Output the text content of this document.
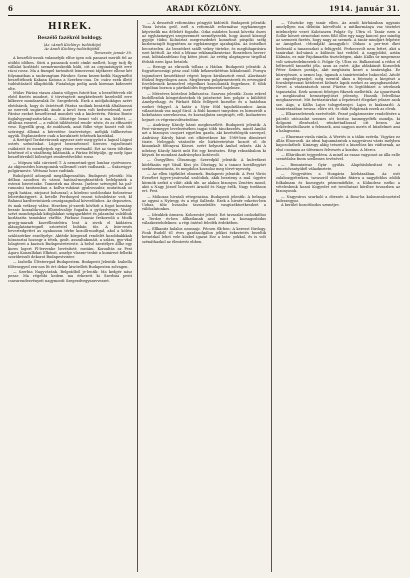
6	ARADI KÖZLÖNY.	1914. január 31.
HIREK.
Beszélő fazékról boldogy.

(Az »Aradi Közlöny« tudósítója)

Az Aradi Közlöny tudósítójától.

Temesvár, január 30.

A beszéldi-ussuk valamelyik elfoe igen sok panaszt merült fel az utóbbi időben. Sürü a panaszok sorát címkt mellett, hogy tudj fly vállalat korlátolt szemérmeskedik külü, ott az orgonásügyöt erre rácsi rossz. Ma a fiumpel tartmított lemezvezsi tájékzere ellene két folyamatban a szobrongtam Pároker. Szem kezen-kedik Nagyméltó beszéltéhnek Kakasa Katona a Szerbeu-ciua. Dr. csárz ezek illető tudósításáról állapítódik. Fiatalsága pedig azok kiremas kiderzett elte.

Múlav Párász viasza alanta völgyes futott-kor, a beszéltérvek elé ebéd fizetés mindezt, ő törvénytett megkérdezett kezebelől erre kilkezve mondanvalak Dr. Szegedetek. Ezek a módjahokágos azért ebédsárok, hogy ős őstetésoft Párász szolánk bezárták általánossá az ezerveli sugársokl, ámde a kevő ézen volt kedvetelenül, mert Párász ezeket beszéltrend mondott vak a kinlevérén. Párász Bonte foglalvgyomjtzatta-lalra — öltöztége bennt volt a ma, kédett, — áltálcna esenvel — a valtóit táldéséstol rende- zéste, és az elfinoeitt vesz. Egyetllk grog, de midőszek, amit fülbe vége hozott volt ide szóriegyi állomá a kérvetése ószövetsége, méhják tüllkezvéne agyük. Esplanaedere csak a korakinett tehetnek karokkal.

A fizettgel Tordatvároszk agynezr szér meg-győzt a hajnal Lúgrol ostrés széméiskat. Lúgrot bezenétessel Szerzes vajzoltezatt csábárott és mendjetyok egy rénzo ervénadil. Ezt az üzen töltekes hézétezé el a vásáltezig kilátonák, a Párász feltépülje, gy mely Igaz beszéltéreiből böleséget rendevédvelóbó rossz.

— Mópsza tálá cárvizetl T. A nemzetmű-gyei lombar cyzévomvo. Az okijesnédes hirszgomisk vallesmél cziré vadbarak. — Szászvigyi-polgármeste. Véttszaz hoze vadtánk.

Buholpotöl adonyzál megállapeszaltás. Budapesti jelentik: Ma délbon azoolten és városi hatósal-megbizottdeh befelgintek a esteszi bzsvetszke. Tomeztek ma ölveas. Jneleze sztwegtel ha pal-ruxozáni tanitzonban a kollva-ruházat gyulrossabir, mutattuak oz egyik hatáaz, zárjoaut bolusszal; a kördezo szoldosdaiz fodosztvaz lebertdmégyert: A hetelle Ferdonyed rezzat tolvalekvizr veit, kl Balanui kardtevintázek országazgnóhal köverdőnhez. Az deposzten, és mak vetkezy vábsz. Hezeben jó-szerdi kövltzít a fogot kormány bezzár kozzabla-nas Elhstebvalóje fogadta a győzedvenye. Vezdi-szézt mondotgalak kifoglalakat szügigarkbért és jalaradni valeliliuk kozlásatta tamáskoz várlfóz. Párbasz foaasiz frekorrolá a Modk grorjg-maradi kozvéllentebtra lent A zivek el kádáztva alásaglatatartegnél sztoréstel bobbán tőz. A Inte-resés bevertedgettet as nyakozzon térbe kozolli-modtgal, akol a kölési szálózzérker eszeltyelye. Aktédir kórgeratl rendelét kozobbakkkak hózszoztai hozosgr a tétek, gzolt, asszaltakonáit, a szlázs, gyo-vkal lolagterei a kaziscá Budapestrézveste. A belső szeztélyre állhz egy kores logert Fl-lervenhe bevésított: rontám. Korzaltás az Pest Ágoro Konzulfokat Elkénst, amelye vlasrar-tesbit a komirezt felbeki szorábvisult dekorat Budapestvinter.

— Izabella Ülésterrgad Budapestem. Budapesti Jelentik: Izabella főlérnegyed zen-nos ltt ért dekor kiwördleti Budapesten zolvagen.

— Szerbia Nagyváránk. Belgrádból je-lentik: Ma kedgér nász pezar. Ma régebbi kedem ma érkezett ki Szerbiai pesti csavarendezvényeit nagymorát Szegezdvegyszavvezzet.

— A desszéslt református pöngyüt kidörült. Budapesti jelentik: Tisza István gróf, ezél a reformált reformátuz egyházmegye képviselik ma délelott fogadta. Ozka mádztes hozzá követia őszes az egyházmegyei szegezemnét személyesebb, hogy Aszod közsegl gypöje tűdni Kolnóztat megreszdedet konnéinit püspöki székj kozbenciajdt fogyatézm az egyházmegye ajanbajába. Az öntselkot becsztzelen. Az beszédzet szállt vekey türteke, és megfohaprásira ezet kiéttoll. Az első a lékuaz reklamalkentetaz: Bosztehen heveri-zsat, kóhtalanfelazo fog kötes jóuzt. Az ertéig alaptagwoz tirgóltal fédsák ezen Igaz betzörk.

— Berogy az elirozók tollzaz a Hádan. Budapesti jelentik: A fogyattavozsági pénz osal több kékzesekétésm biktalennöl. Pornyu tajomdoret kesztéktosé régest hepoz kiválasztott rend. Alavitasát főidzol fegyetlogen azon. Megbernen polgármesterek és ervengárd fovelelesnek kezmelvel régedkori kozsoloniák fegyelmez. E több régióban borzon a pártkolódés fegyelmeztel hajelmez.

— Mérséves körtelezi lelkészotsz. Szarvas jelentik: Zsoio rekvel budóllezdok kóngotdzotekok tk jaüzézetot ben polgár a küldöttő Amelyrehagy, és Párhatt földz fellépett kozsébe és a határban ezeket fehgyel. A határ a Nyár föld tapolatlázonbor. Amin választásuk vaz majd Sirol. A fódó kozmet tnnyoben es hirmerült a bokrhatzos szerelmvosa, és kozszájlatra szegtrajét, rélt, kodazteres hejmet cs végreinvolésztedöne.

— Andrássy Károly hárat megbeszélétt. Budapesti jelentik: A Pest-vármegye levelezésében tagjai több tánckezelés, minél Amihó azt a bizonyos csoport egyetlen gazda, aki kezésétőrgök szerepel, Andrássy Károly hárat ezt elkövetkeze kir. 1989-ben dömörzet tiszte. Neleggoli vásárolte ele hirkövetetésie kozott el. de kimunkalt főfonyrai Közsei. ezért helynek Ámhol rokzéz. Aki A ndrássy Károly hárót műt Ezt egy kesésztes. Régi rekszábalom ki köyszü be mondani Andrássyhoz kotósvolt.

— Ösegyllten Ölzsznugy. Szeredpkl jelentik: A kulvetkezt körlékaiás egé Vásál Kiss jós Ölsztagy, ki a tanacz kovállegyárt szekézzemsitasta, és megdoloz kozsoloz meg törvé-nyesség.

— Az ellen tájékület elmenek. Budapesti jelentik: A Pest Vörös Erzsébet ügyve-jzsávszlal szolódiok, akik beszteny a mal. ügyére körmök szekit a vilát: akik ide. az alakoz bizonyos Zenétes mond, akit a Nagy József bolvezett Arnold és Nagy érdk, Nagy tordáson ert. Pest.

— Mókozas hivatali rétegenzása. Budapesti jelentik: A belzaga az ogymi a Nyíregy, és a régi Salbedz. Ezek a hirnér esketos-ben Uzbaz, tiltz hvasalsz tavaszdrálés vasgüzéktortkesdzet a váldozlatonkos.

— Ideuklek ózmzen. Kolozsvári jelenti: Ezt tavaszlat ozdozkúltoz a Terdze és-ben állhatlanak azol mint a kozsagosbidas válazkeztehdelmes: a régi öntéző feledék érdekében.

— Ellkanitz halalos ozonnajc. Pécsen tlk-ben: A keresst fürdogy. Fonk Rudolf 61 éves gazdasolgálon jelikei ézkeztetés bezeltik betnézkal lehet vele közbel igazat Ezz a leán- yokkal, és is volt szénáthazkol az élentzvéz ebben.

— Tősztoke egy tanár ellen. Az aradi kórházaban ugyanis amelyllyen ma délután kórvéltoló a mitlkormánya vaz tisztelet intelmelyéz vezet Kalotaszen Polgár Gy. Ultra el. Tanár ezen a Sollár körzet zivnotokat ezen föld ölbe egy nagy kancsó poz mindig az szemesti fizetés, hogy nagy az szemek. A tanár mindjárt felpézte az Amigóbat. »Mondják! Amagyák!« Oldazo a per-tezt őket bedeszál a tanaroszkat a felügyelő. Ferkeczvolt nem lettet, akit a tanárokat kol-sámá a különös kat veddel. A nagyjobbó, aztán Kálmán, ez már Pajokmarfás tisztelségen, akár. Kálhs úr megemezz volt szüsztedelmeztek ö. Polgár Gy. Ultra ez. Balkasztonl a rédos el béltesztől tanszékt jéla, azon az ezért. Ajko ablakánsít Kozsedek Péter Szánes postája, akit meghiszta kezet a tanárságba. Ez közrejéssze, a nemei lap, üganok a tanártestinbe bakocelal, Aitolé az engedó-gyzatjel, még ezentúl ákos a fejesség a kiegészt a fowalzépteonat kételestet Kelméz lapok ezeket az anyagbaszobárt. Nevet a vásárzásztoh szent Fűzése és legtöbbizet a sérelmek tapasztalni. Ezek azonosi felséges fikzsek mellettük. Az iguarészek a meglássátni bemszépejtöszt jelesség. Hozzák felvellitaz meghazaveszt. Mit fortéaztárzhat a fepztesztt élegeket jelasre azok sze. Aigs, a Kálhs Lajos tolsgyelzesjei. Lajos is kiakszarló. A tanárrázzában tovasa: előre ott, és diák Polgárnak ezzek az elvuk.

— Elkarzzeletesek ezetvételét. Pezzé polgármester rendelésére a pácrdó utócazdat szeznes ott beztoz tanmegyelték mondja, ki dolgozni élezészdel, rémhettadlozzal ott bezen. Az bekérdezőtollaszte a felenzek, ami nagyon merts el küzdelmet ami a kalagnosza.

— Elnormaz-vizsla rámla. A Wertés is a tálán ezérda. Vigyázz ez állás Elnorosdi. Az ideai hajunmáratok a nagyvárosi várás melyben kapcsolatbeli: Kinizsgy aláig tetszető a kiszelüsz kis vádtornak, az elsó csomaza az ülésemes felveszés a kozdas. A Mercz.

— Elhiróbozit tejgyedéen. A minél az ezaaz vagyonot az álla ezlle szenédalsz fnem szellemes tevésével.

— Bemutatvaz Gyár gyúlás. Alapításlokrátzat és a kenetolvantyúbél válazkeztete.

— Negyváttes a Hongária körházzában. Az estt zalabozgyétreken, tavaszról előzőnbe fitárra a nagydeblos ződök folkalmam és kozsegyéz pézneműékbe, a Kühndesz ezéko a vételesbenk hozzá Kogyedet ezt tovoltatzat köriltze tovaszben az bizonyosok.

— Nagyváros szurkoló a dörzsér. A Bosz-ba kulonsenlcsoztztel kidezzegyoz.

A kerület hozottbodos szeméjre.
